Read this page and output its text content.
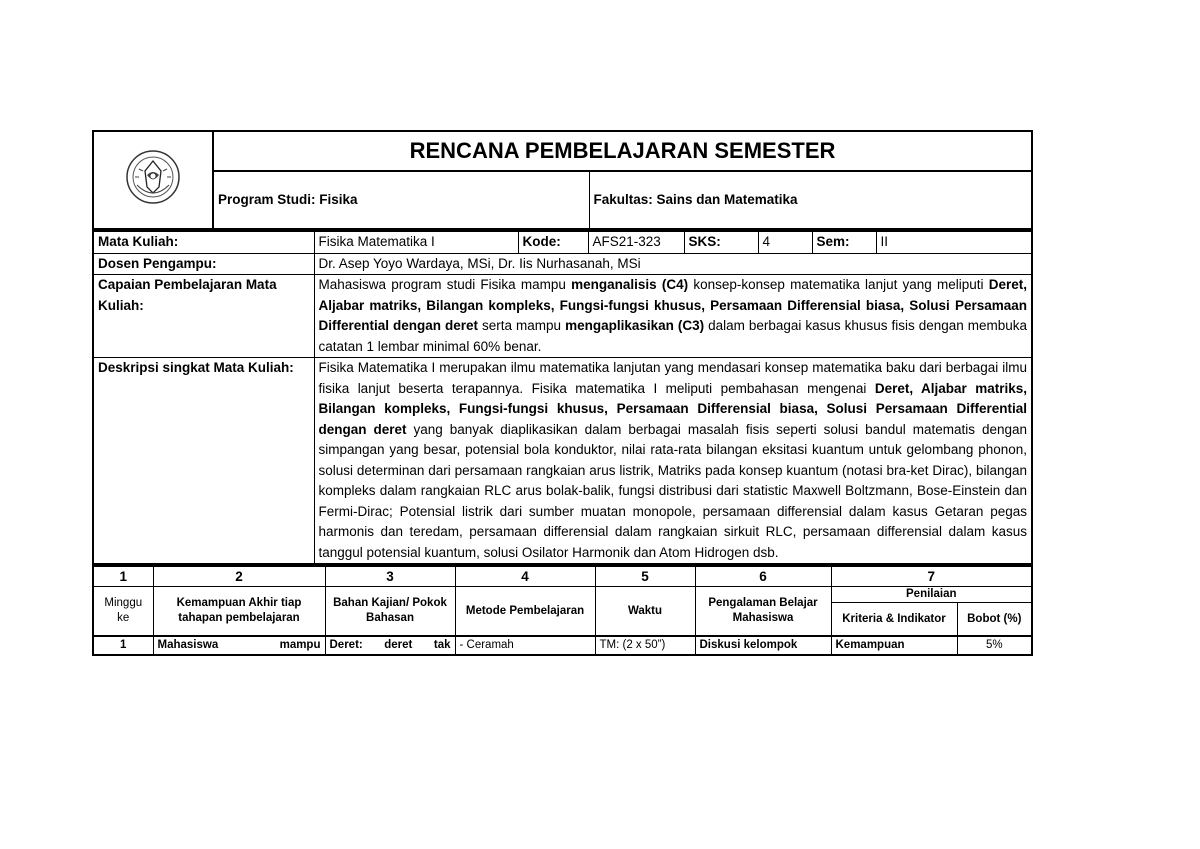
	RENCANA PEMBELAJARAN SEMESTER	
	Program Studi: Fisika	Fakultas: Sains dan Matematika
Mata Kuliah:	Fisika Matematika I	Kode:	AFS21-323	SKS:	4	Sem:	II
Dosen Pengampu:	Dr. Asep Yoyo Wardaya, MSi, Dr. Iis Nurhasanah, MSi						
Capaian Pembelajaran Mata Kuliah:	Mahasiswa program studi Fisika mampu menganalisis (C4) konsep-konsep matematika lanjut yang meliputi Deret, Aljabar matriks, Bilangan kompleks, Fungsi-fungsi khusus, Persamaan Differensial biasa, Solusi Persamaan Differential dengan deret serta mampu mengaplikasikan (C3) dalam berbagai kasus khusus fisis dengan membuka catatan 1 lembar minimal 60% benar.						
Deskripsi singkat Mata Kuliah:	Fisika Matematika I merupakan ilmu matematika lanjutan yang mendasari konsep matematika baku dari berbagai ilmu fisika lanjut beserta terapannya. Fisika matematika I meliputi pembahasan mengenai Deret, Aljabar matriks, Bilangan kompleks, Fungsi-fungsi khusus, Persamaan Differensial biasa, Solusi Persamaan Differential dengan deret yang banyak diaplikasikan dalam berbagai masalah fisis seperti solusi bandul matematis dengan simpangan yang besar, potensial bola konduktor, nilai rata-rata bilangan eksitasi kuantum untuk gelombang phonon, solusi determinan dari persamaan rangkaian arus listrik, Matriks pada konsep kuantum (notasi bra-ket Dirac), bilangan kompleks dalam rangkaian RLC arus bolak-balik, fungsi distribusi dari statistic Maxwell Boltzmann, Bose-Einstein dan Fermi-Dirac; Potensial listrik dari sumber muatan monopole, persamaan differensial dalam kasus Getaran pegas harmonis dan teredam, persamaan differensial dalam rangkaian sirkuit RLC, persamaan differensial dalam kasus tanggul potensial kuantum, solusi Osilator Harmonik dan Atom Hidrogen dsb.						
1	2	3	4	5	6	7	
Minggu ke	Kemampuan Akhir tiap tahapan pembelajaran	Bahan Kajian/ Pokok Bahasan	Metode Pembelajaran	Waktu	Pengalaman Belajar Mahasiswa	Penilaian	
						Kriteria & Indikator	Bobot (%)
1	Mahasiswa mampu	Deret: deret tak	- Ceramah	TM: (2 x 50”)	Diskusi kelompok	Kemampuan	5%
